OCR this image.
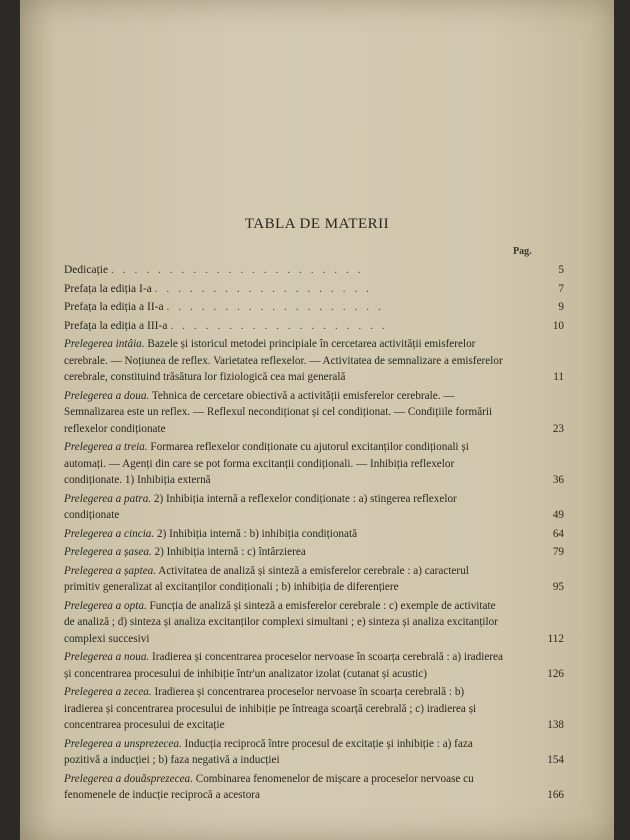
TABLA DE MATERII
Pag.
Dedicație . . . . . . . . . . . . . . . . . . . . . .	5
Prefața la ediția I-a . . . . . . . . . . . . . . . . . . .	7
Prefața la ediția a II-a . . . . . . . . . . . . . . . . . . .	9
Prefața la ediția a III-a . . . . . . . . . . . . . . . . . . .	10
Prelegerea intâia. Bazele și istoricul metodei principiale în cercetarea activității emisferelor cerebrale. — Noțiunea de reflex. Varietatea reflexelor. — Activitatea de semnalizare a emisferelor cerebrale, constituind trăsătura lor fiziologică cea mai generală	11
Prelegerea a doua. Tehnica de cercetare obiectivă a activității emisferelor cerebrale. — Semnalizarea este un reflex. — Reflexul necondiționat și cel condiționat. — Condițiile formării reflexelor condiționate	23
Prelegerea a treia. Formarea reflexelor condiționate cu ajutorul excitanților condiționali și automați. — Agenți din care se pot forma excitanții condiționali. — Inhibiția reflexelor condiționate. 1) Inhibiția externă	36
Prelegerea a patra. 2) Inhibiția internă a reflexelor condiționate : a) stingerea reflexelor condiționate	49
Prelegerea a cincia. 2) Inhibiția internă : b) inhibiția condiționată	64
Prelegerea a șasea. 2) Inhibiția internă : c) întârzierea	79
Prelegerea a șaptea. Activitatea de analiză și sinteză a emisferelor cerebrale : a) caracterul primitiv generalizat al excitanților condiționali ; b) inhibiția de diferențiere	95
Prelegerea a opta. Funcția de analiză și sinteză a emisferelor cerebrale : c) exemple de activitate de analiză ; d) sinteza și analiza excitanților complexi simultani ; e) sinteza și analiza excitanților complexi succesivi	112
Prelegerea a noua. Iradierea și concentrarea proceselor nervoase în scoarța cerebrală : a) iradierea și concentrarea procesului de inhibiție într'un analizator izolat (cutanat și acustic)	126
Prelegerea a zecea. Iradierea și concentrarea proceselor nervoase în scoarța cerebrală : b) iradierea și concentrarea procesului de inhibiție pe întreaga scoarță cerebrală ; c) iradierea și concentrarea procesului de excitație	138
Prelegerea a unsprezecea. Inducția reciprocă între procesul de excitație și inhibiție : a) faza pozitivă a inducției ; b) faza negativă a inducției	154
Prelegerea a douăsprezecea. Combinarea fenomenelor de mișcare a proceselor nervoase cu fenomenele de inducție reciprocă a acestora	166
